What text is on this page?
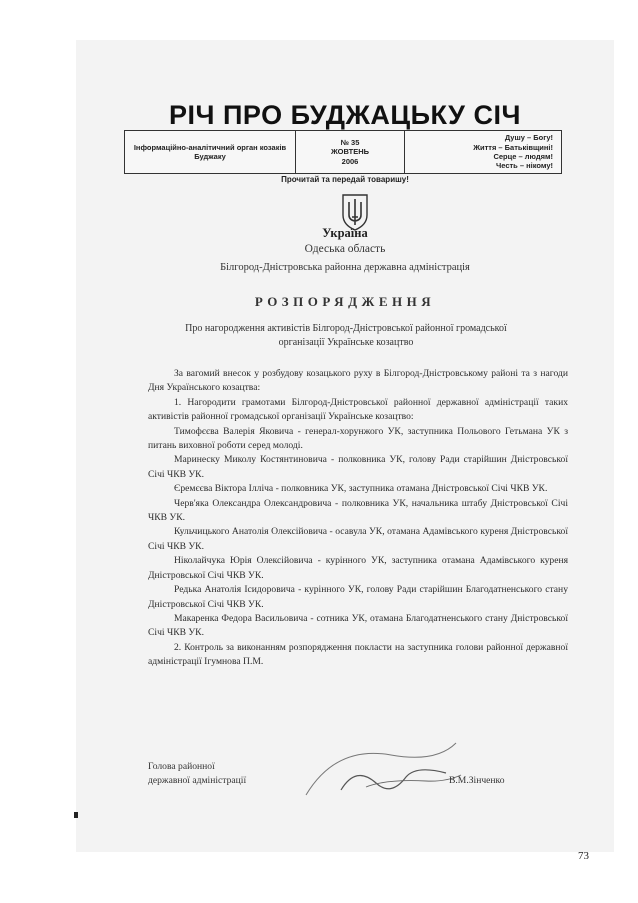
РІЧ ПРО БУДЖАЦЬКУ СІЧ
Інформаційно-аналітичний орган козаків Буджаку
№ 35
ЖОВТЕНЬ
2006
Душу – Богу!
Життя – Батьківщині!
Серце – людям!
Честь – нікому!
Прочитай та передай товаришу!
Україна
Одеська область
Білгород-Дністровська районна державна адміністрація
РОЗПОРЯДЖЕННЯ
Про нагородження активістів Білгород-Дністровської районної громадської організації Українське козацтво

За вагомий внесок у розбудову козацького руху в Білгород-Дністровському районі та з нагоди Дня Українського козацтва:

1. Нагородити грамотами Білгород-Дністровської районної державної адміністрації таких активістів районної громадської організації Українське козацтво:

Тимофєєва Валерія Яковича - генерал-хорунжого УК, заступника Польового Гетьмана УК з питань виховної роботи серед молоді.

Маринеску Миколу Костянтиновича - полковника УК, голову Ради старійшин Дністровської Січі ЧКВ УК.

Єремєєва Віктора Ілліча - полковника УК, заступника отамана Дністровської Січі ЧКВ УК.

Черв'яка Олександра Олександровича - полковника УК, начальника штабу Дністровської Січі ЧКВ УК.

Кульчицького Анатолія Олексійовича - осавула УК, отамана Адамівського куреня Дністровської Січі ЧКВ УК.

Ніколайчука Юрія Олексійовича - курінного УК, заступника отамана Адамівського куреня Дністровської Січі ЧКВ УК.

Редька Анатолія Ісидоровича - курінного УК, голову Ради старійшин Благодатненського стану Дністровської Січі ЧКВ УК.

Макаренка Федора Васильовича - сотника УК, отамана Благодатненського стану Дністровської Січі ЧКВ УК.

2. Контроль за виконанням розпорядження покласти на заступника голови районної державної адміністрації Ігумнова П.М.

Голова районної
державної адміністрації	В.М.Зінченко
73
